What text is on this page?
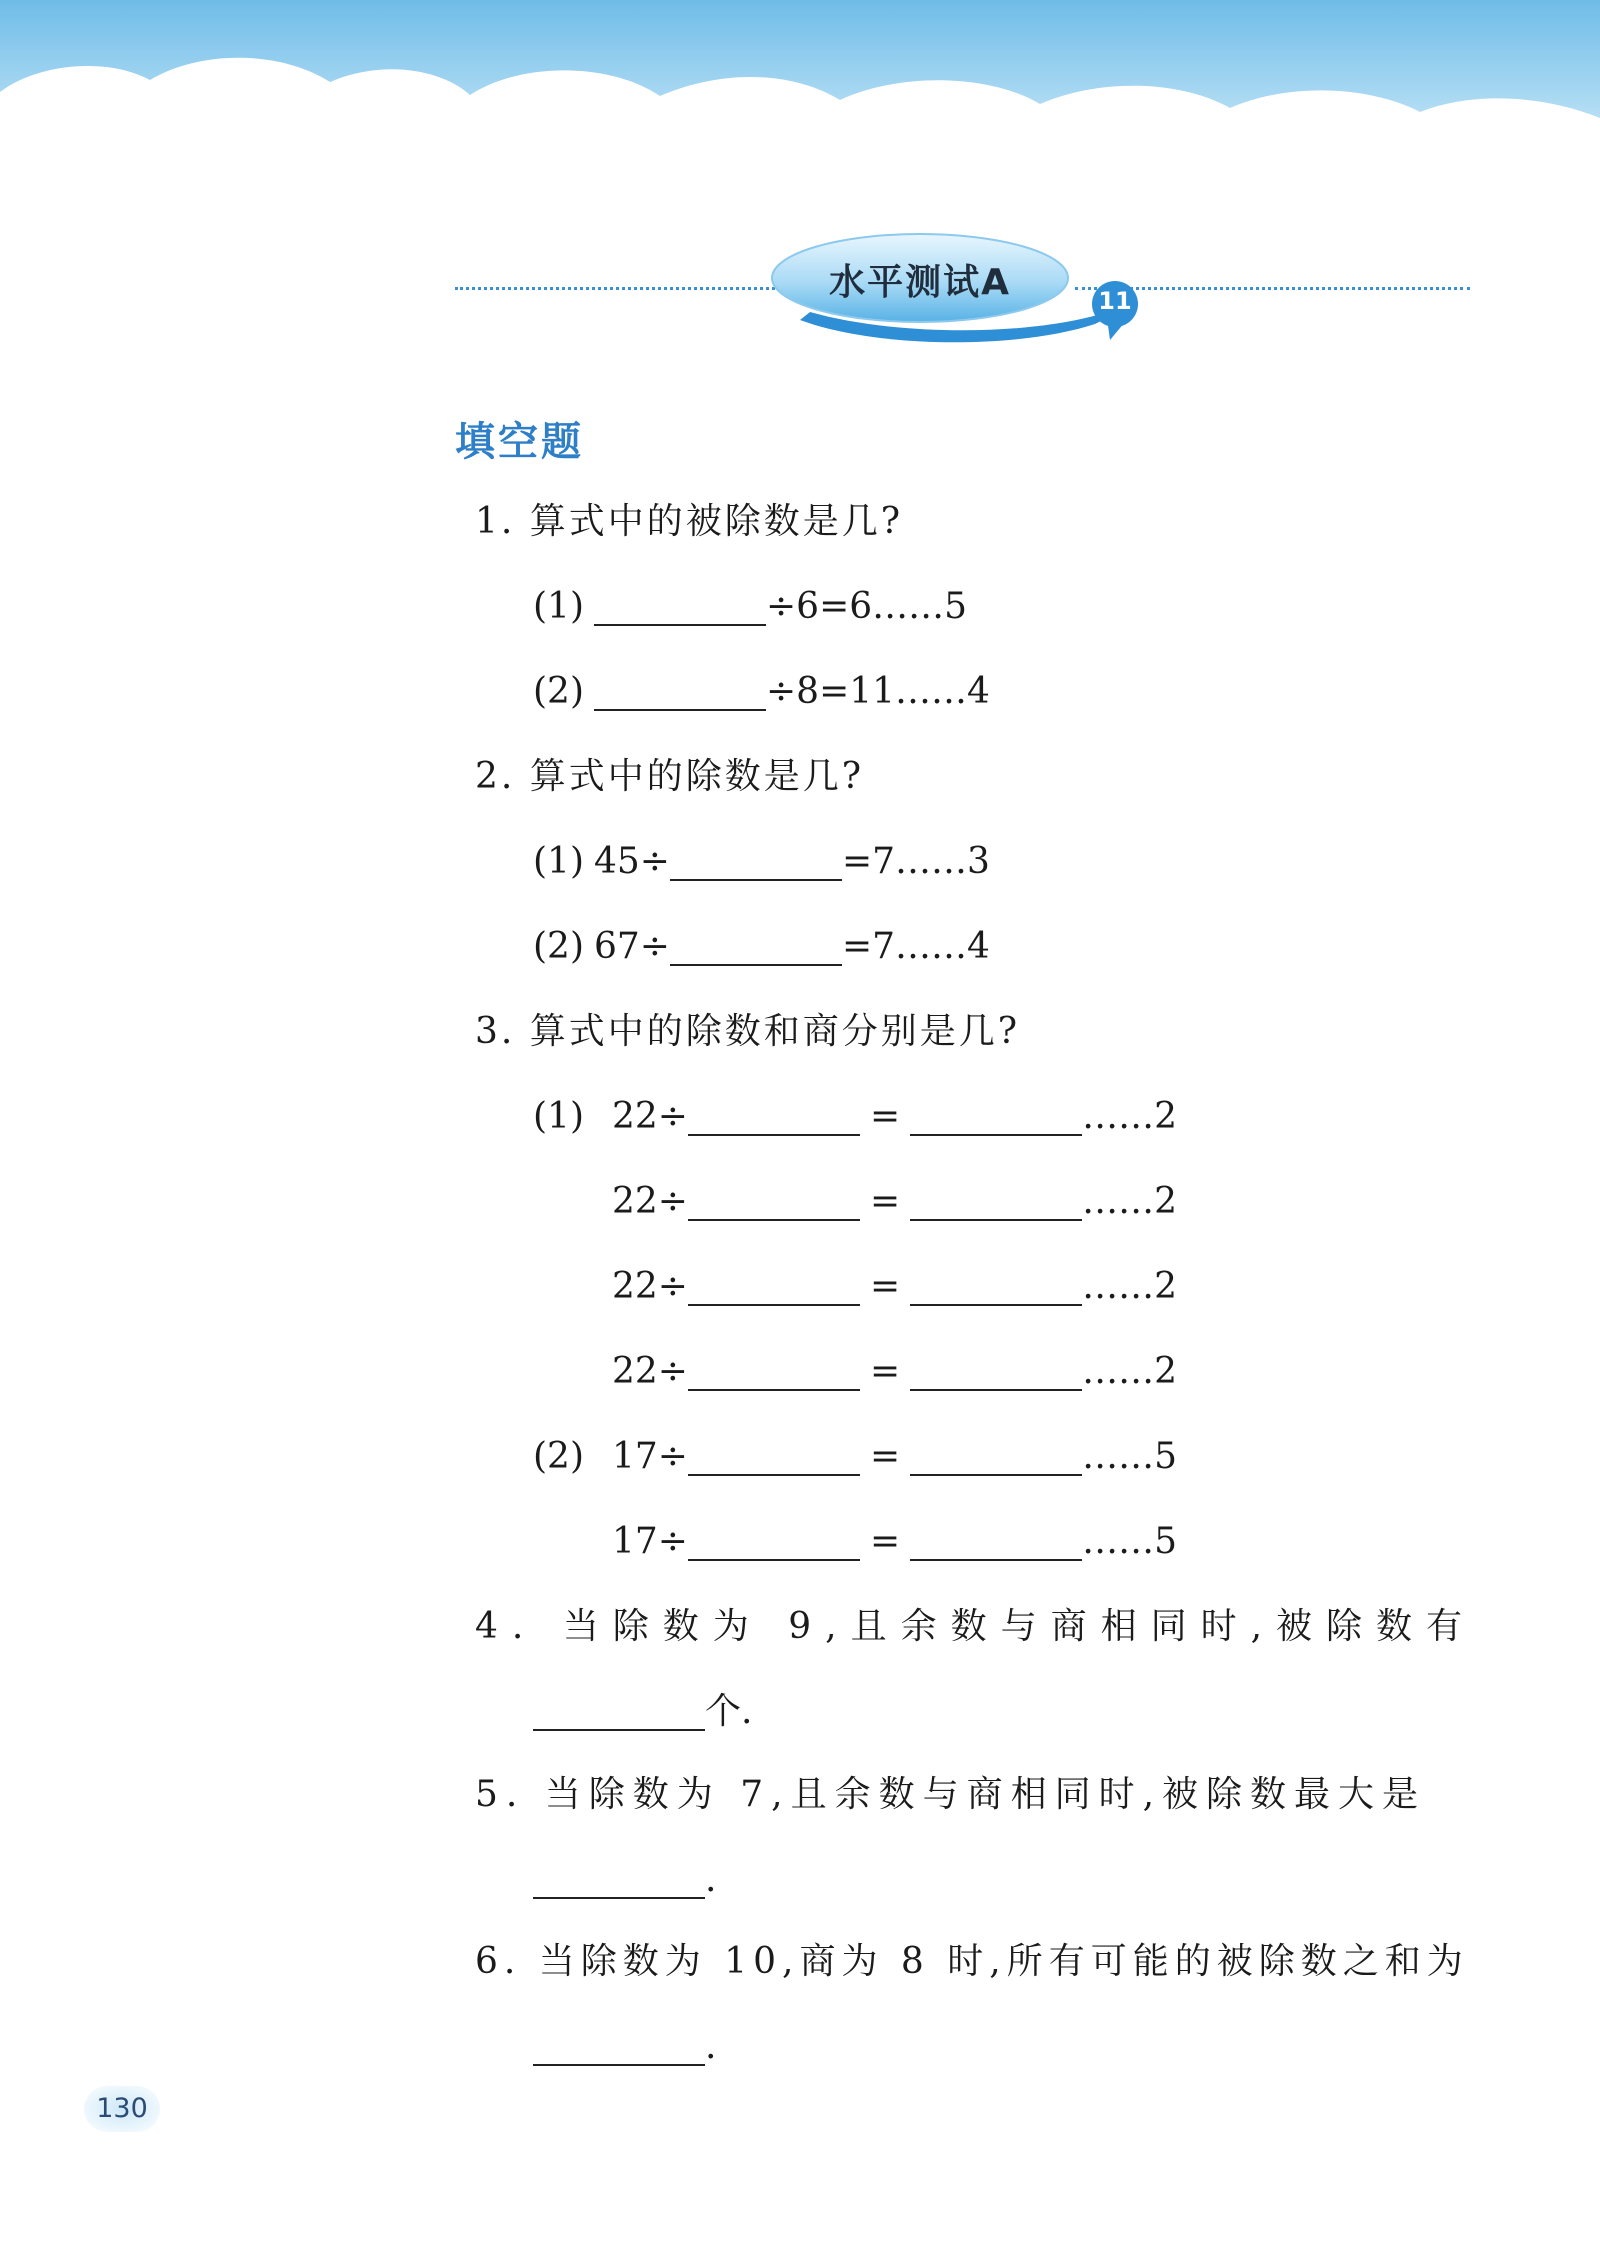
水平测试A	11
填空题
1. 算式中的被除数是几?
(1)	÷6=6……5
(2)	÷8=11……4
2. 算式中的除数是几?
(1) 45÷	=7……3
(2) 67÷	=7……4
3. 算式中的除数和商分别是几?
(1) 22÷	=	……2
22÷	=	……2
22÷	=	……2
22÷	=	……2
(2) 17÷	=	……5
17÷	=	……5
4. 当除数为 9,且余数与商相同时,被除数有
个.
5. 当除数为 7,且余数与商相同时,被除数最大是
.
6. 当除数为 10,商为 8 时,所有可能的被除数之和为
.
130
